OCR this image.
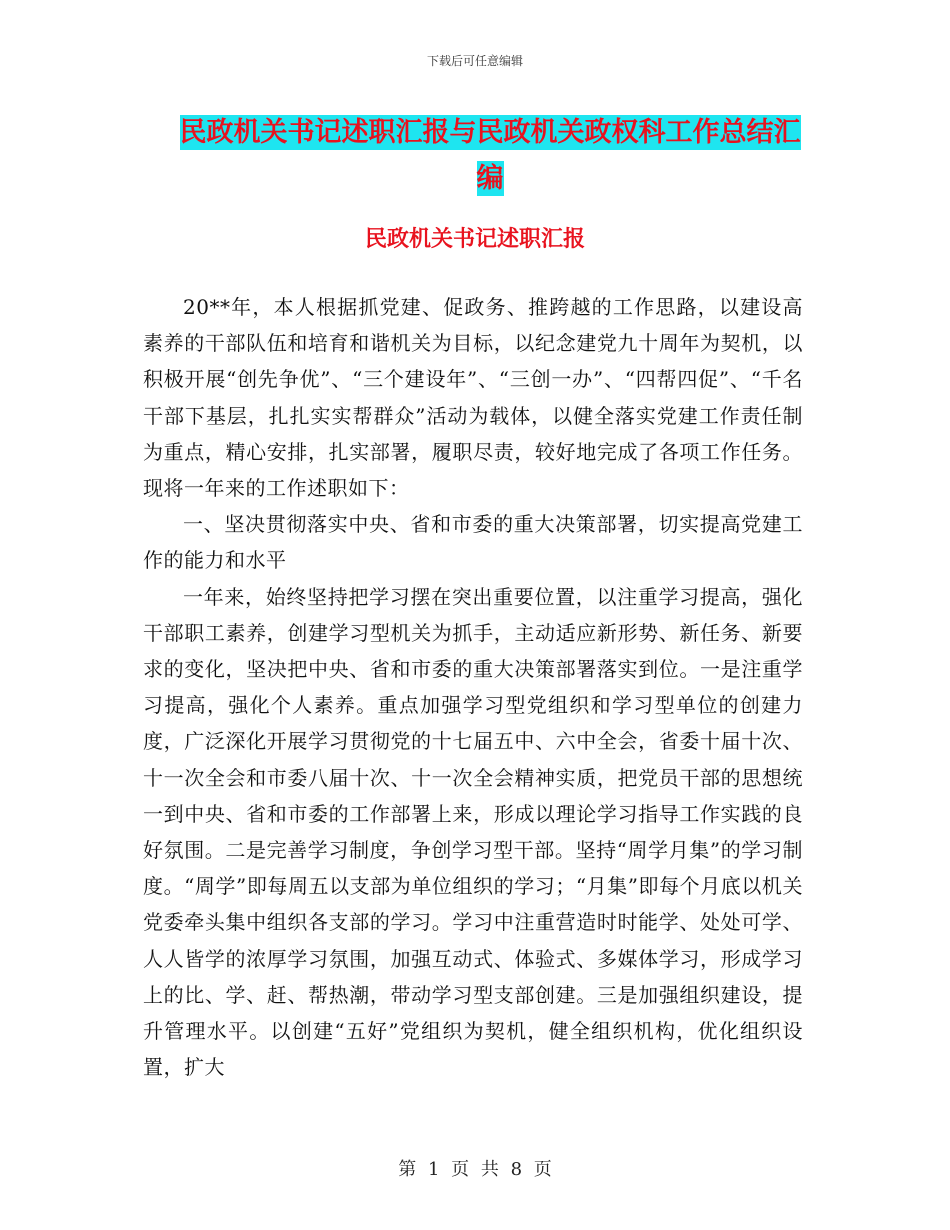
下载后可任意编辑
民政机关书记述职汇报与民政机关政权科工作总结汇
编
民政机关书记述职汇报

20**年，本人根据抓党建、促政务、推跨越的工作思路，以建设高素养的干部队伍和培育和谐机关为目标，以纪念建党九十周年为契机，以积极开展“创先争优”、“三个建设年”、“三创一办”、“四帮四促”、“千名干部下基层，扎扎实实帮群众”活动为载体，以健全落实党建工作责任制为重点，精心安排，扎实部署，履职尽责，较好地完成了各项工作任务。现将一年来的工作述职如下：

一、坚决贯彻落实中央、省和市委的重大决策部署，切实提高党建工作的能力和水平

一年来，始终坚持把学习摆在突出重要位置，以注重学习提高，强化干部职工素养，创建学习型机关为抓手，主动适应新形势、新任务、新要求的变化，坚决把中央、省和市委的重大决策部署落实到位。一是注重学习提高，强化个人素养。重点加强学习型党组织和学习型单位的创建力度，广泛深化开展学习贯彻党的十七届五中、六中全会，省委十届十次、十一次全会和市委八届十次、十一次全会精神实质，把党员干部的思想统一到中央、省和市委的工作部署上来，形成以理论学习指导工作实践的良好氛围。二是完善学习制度，争创学习型干部。坚持“周学月集”的学习制度。“周学”即每周五以支部为单位组织的学习；“月集”即每个月底以机关党委牵头集中组织各支部的学习。学习中注重营造时时能学、处处可学、人人皆学的浓厚学习氛围，加强互动式、体验式、多媒体学习，形成学习上的比、学、赶、帮热潮，带动学习型支部创建。三是加强组织建设，提升管理水平。以创建“五好”党组织为契机，健全组织机构，优化组织设置，扩大

第 1 页 共 8 页
